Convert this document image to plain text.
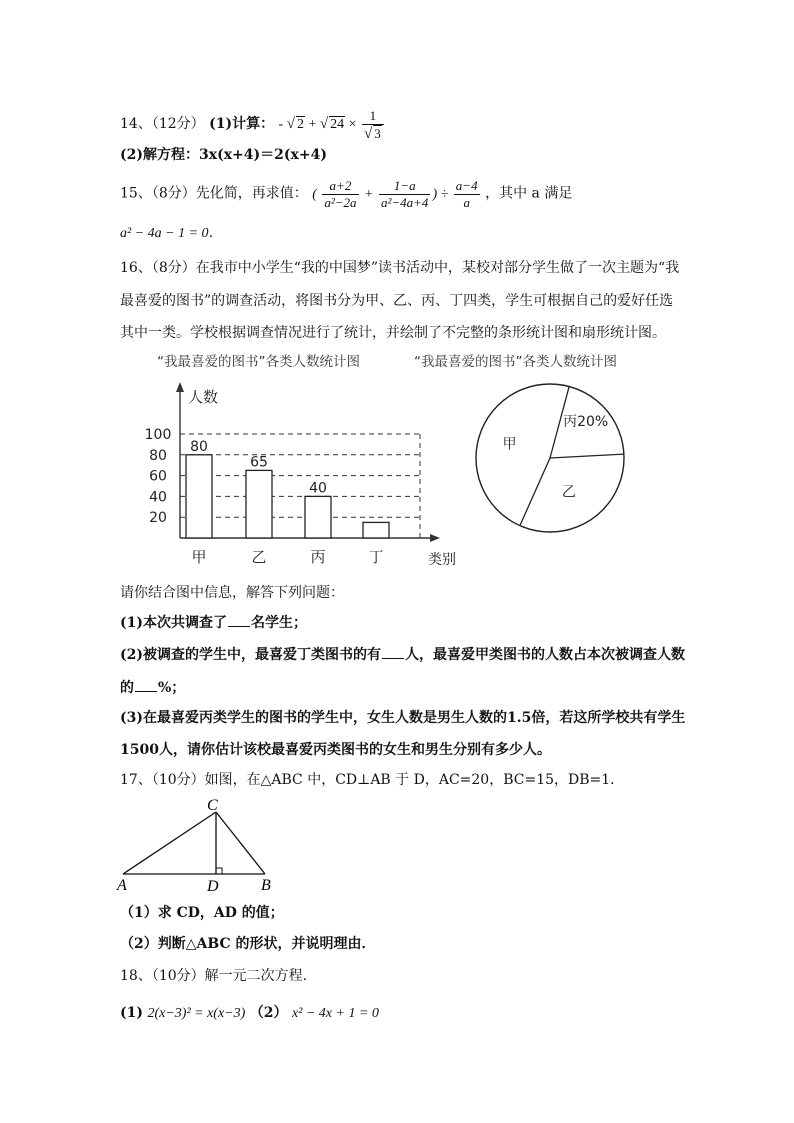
14、（12分） (1)计算： - √ 2 + √ $24 \times \frac{1}{√ 3}$
(2)解方程：3x(x+4)＝2(x+4)
15、（8分）先化简，再求值： ( $\frac{a+2}{\text{a²−2a}} + \frac{1-a}{\text{a²−4a+4}}$ ) ÷ $\frac{a-4}{a}$ ，其中 a 满足
a² − 4a − 1 = 0．
16、（8分）在我市中小学生“我的中国梦”读书活动中，某校对部分学生做了一次主题为“我
最喜爱的图书”的调查活动，将图书分为甲、乙、丙、丁四类，学生可根据自己的爱好任选
其中一类。学校根据调查情况进行了统计，并绘制了不完整的条形统计图和扇形统计图。
“我最喜爱的图书”各类人数统计图	“我最喜爱的图书”各类人数统计图
20
40
60
80
100
人数
类别
80
甲
65
乙
40
丙	丁
丙20%
乙
甲
请你结合图中信息，解答下列问题：
(1)本次共调查了 名学生；
(2)被调查的学生中，最喜爱丁类图书的有 人，最喜爱甲类图书的人数占本次被调查人数
的 %；
(3)在最喜爱丙类学生的图书的学生中，女生人数是男生人数的1.5倍，若这所学校共有学生
1500人，请你估计该校最喜爱丙类图书的女生和男生分别有多少人。
17、（10分）如图，在△ABC 中，CD⊥AB 于 D，AC=20，BC=15，DB=1．
C
A	D	B
（1）求 CD，AD 的值；
（2）判断△ABC 的形状，并说明理由．
18、（10分）解一元二次方程.
(1) 2(x−3)² = x(x−3) （2） x² − 4x + 1 = 0
